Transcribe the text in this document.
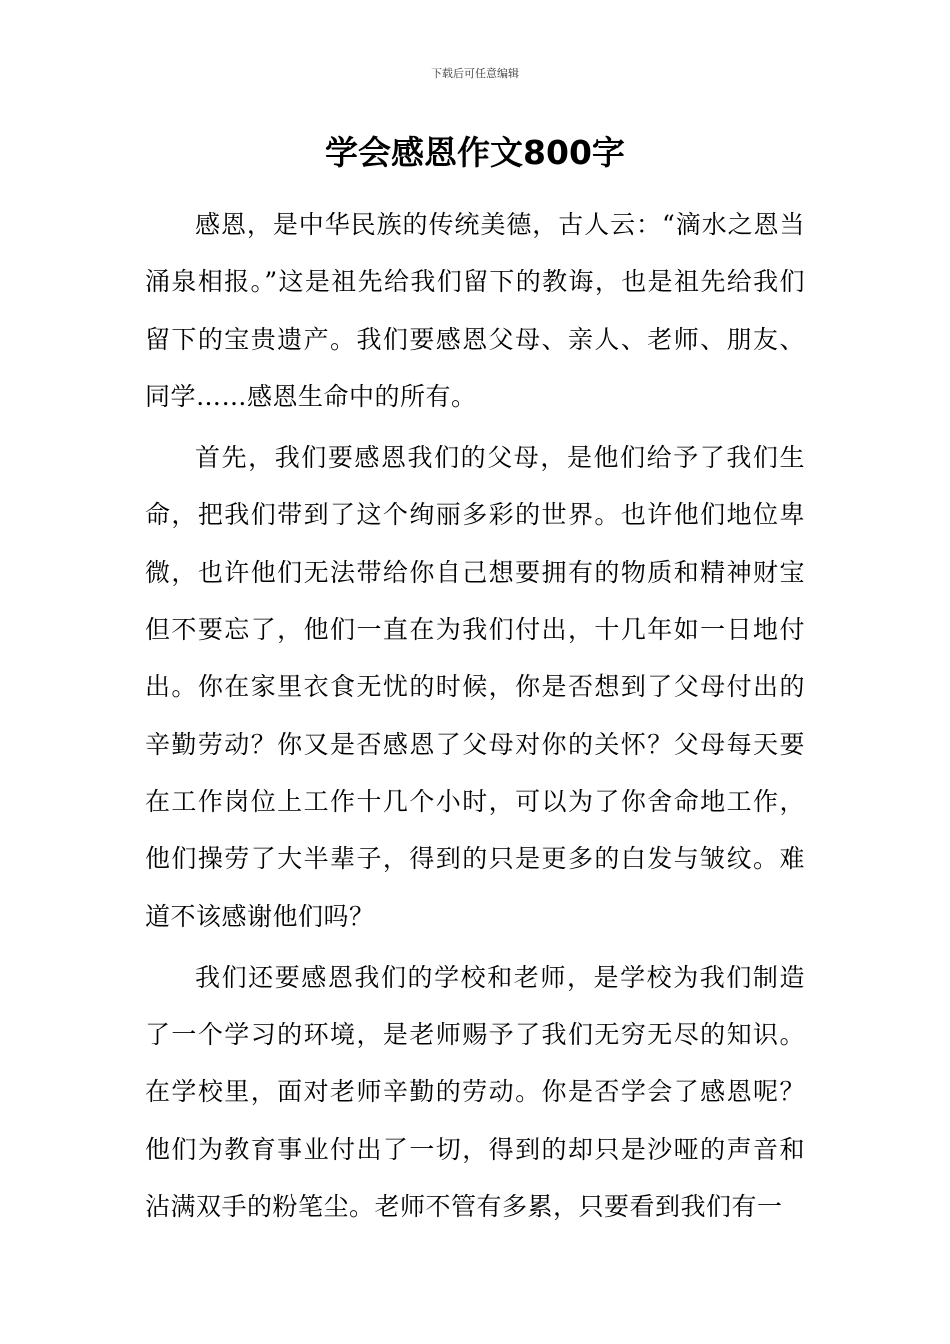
下载后可任意编辑
学会感恩作文800字

感恩，是中华民族的传统美德，古人云：“滴水之恩当涌泉相报。”这是祖先给我们留下的教诲，也是祖先给我们留下的宝贵遗产。我们要感恩父母、亲人、老师、朋友、同学……感恩生命中的所有。

首先，我们要感恩我们的父母，是他们给予了我们生命，把我们带到了这个绚丽多彩的世界。也许他们地位卑微，也许他们无法带给你自己想要拥有的物质和精神财宝但不要忘了，他们一直在为我们付出，十几年如一日地付出。你在家里衣食无忧的时候，你是否想到了父母付出的辛勤劳动？你又是否感恩了父母对你的关怀？父母每天要在工作岗位上工作十几个小时，可以为了你舍命地工作，他们操劳了大半辈子，得到的只是更多的白发与皱纹。难道不该感谢他们吗？

我们还要感恩我们的学校和老师，是学校为我们制造了一个学习的环境，是老师赐予了我们无穷无尽的知识。在学校里，面对老师辛勤的劳动。你是否学会了感恩呢？他们为教育事业付出了一切，得到的却只是沙哑的声音和沾满双手的粉笔尘。老师不管有多累，只要看到我们有一
